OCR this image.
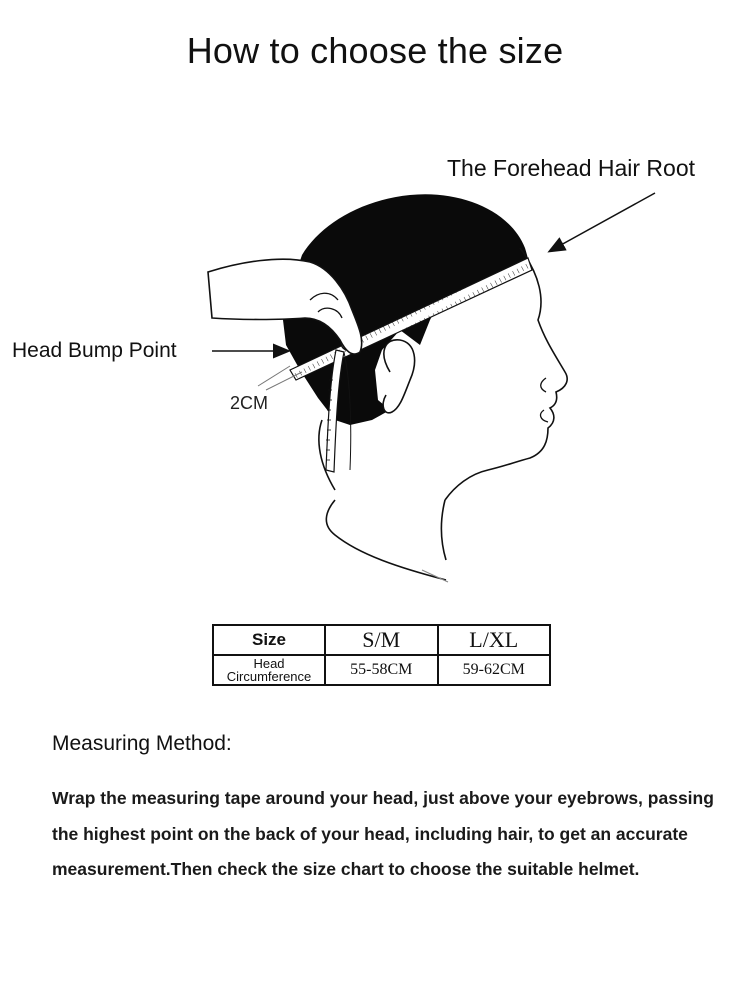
How to choose the size
The Forehead Hair Root
Head Bump Point
2CM
Size	S/M	L/XL
Head Circumference	55-58CM	59-62CM
Measuring Method:
Wrap the measuring tape around your head, just above your eyebrows, passing the highest point on the back of your head, including hair, to get an accurate measurement.Then check the size chart to choose the suitable helmet.
